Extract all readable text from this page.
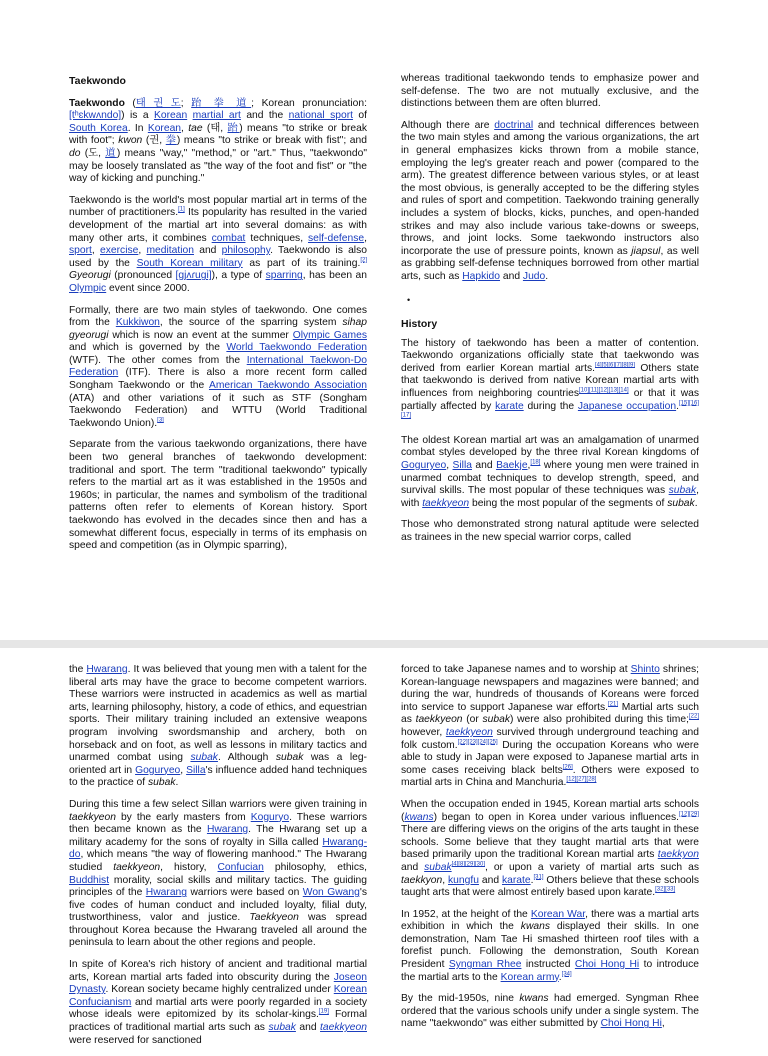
Taekwondo

Taekwondo (태 권 도; 跆 拳 道; Korean pronunciation: [tʰɛkwʌndo]) is a Korean martial art and the national sport of South Korea. In Korean, tae (태, 跆) means "to strike or break with foot"; kwon (권, 拳) means "to strike or break with fist"; and do (도, 道) means "way," "method," or "art." Thus, "taekwondo" may be loosely translated as "the way of the foot and fist" or "the way of kicking and punching."

Taekwondo is the world's most popular martial art in terms of the number of practitioners.[1] Its popularity has resulted in the varied development of the martial art into several domains: as with many other arts, it combines combat techniques, self-defense, sport, exercise, meditation and philosophy. Taekwondo is also used by the South Korean military as part of its training.[2] Gyeorugi (pronounced [ɡjʌɾuɡi]), a type of sparring, has been an Olympic event since 2000.

Formally, there are two main styles of taekwondo. One comes from the Kukkiwon, the source of the sparring system sihap gyeorugi which is now an event at the summer Olympic Games and which is governed by the World Taekwondo Federation (WTF). The other comes from the International Taekwon-Do Federation (ITF). There is also a more recent form called Songham Taekwondo or the American Taekwondo Association (ATA) and other variations of it such as STF (Songham Taekwondo Federation) and WTTU (World Traditional Taekwondo Union).[3]

Separate from the various taekwondo organizations, there have been two general branches of taekwondo development: traditional and sport. The term "traditional taekwondo" typically refers to the martial art as it was established in the 1950s and 1960s; in particular, the names and symbolism of the traditional patterns often refer to elements of Korean history. Sport taekwondo has evolved in the decades since then and has a somewhat different focus, especially in terms of its emphasis on speed and competition (as in Olympic sparring),

whereas traditional taekwondo tends to emphasize power and self-defense. The two are not mutually exclusive, and the distinctions between them are often blurred.

Although there are doctrinal and technical differences between the two main styles and among the various organizations, the art in general emphasizes kicks thrown from a mobile stance, employing the leg's greater reach and power (compared to the arm). The greatest difference between various styles, or at least the most obvious, is generally accepted to be the differing styles and rules of sport and competition. Taekwondo training generally includes a system of blocks, kicks, punches, and open-handed strikes and may also include various take-downs or sweeps, throws, and joint locks. Some taekwondo instructors also incorporate the use of pressure points, known as jiapsul, as well as grabbing self-defense techniques borrowed from other martial arts, such as Hapkido and Judo.

•
History

The history of taekwondo has been a matter of contention. Taekwondo organizations officially state that taekwondo was derived from earlier Korean martial arts.[4][5][6][7][8][9] Others state that taekwondo is derived from native Korean martial arts with influences from neighboring countries[10][11][12][13][14] or that it was partially affected by karate during the Japanese occupation.[15][16][17]

The oldest Korean martial art was an amalgamation of unarmed combat styles developed by the three rival Korean kingdoms of Goguryeo, Silla and Baekje,[18] where young men were trained in unarmed combat techniques to develop strength, speed, and survival skills. The most popular of these techniques was subak, with taekkyeon being the most popular of the segments of subak.

Those who demonstrated strong natural aptitude were selected as trainees in the new special warrior corps, called

the Hwarang. It was believed that young men with a talent for the liberal arts may have the grace to become competent warriors. These warriors were instructed in academics as well as martial arts, learning philosophy, history, a code of ethics, and equestrian sports. Their military training included an extensive weapons program involving swordsmanship and archery, both on horseback and on foot, as well as lessons in military tactics and unarmed combat using subak. Although subak was a leg-oriented art in Goguryeo, Silla's influence added hand techniques to the practice of subak.

During this time a few select Sillan warriors were given training in taekkyeon by the early masters from Koguryo. These warriors then became known as the Hwarang. The Hwarang set up a military academy for the sons of royalty in Silla called Hwarang-do, which means "the way of flowering manhood." The Hwarang studied taekkyeon, history, Confucian philosophy, ethics, Buddhist morality, social skills and military tactics. The guiding principles of the Hwarang warriors were based on Won Gwang's five codes of human conduct and included loyalty, filial duty, trustworthiness, valor and justice. Taekkyeon was spread throughout Korea because the Hwarang traveled all around the peninsula to learn about the other regions and people.

In spite of Korea's rich history of ancient and traditional martial arts, Korean martial arts faded into obscurity during the Joseon Dynasty. Korean society became highly centralized under Korean Confucianism and martial arts were poorly regarded in a society whose ideals were epitomized by its scholar-kings.[19] Formal practices of traditional martial arts such as subak and taekkyeon were reserved for sanctioned

forced to take Japanese names and to worship at Shinto shrines; Korean-language newspapers and magazines were banned; and during the war, hundreds of thousands of Koreans were forced into service to support Japanese war efforts.[21] Martial arts such as taekkyeon (or subak) were also prohibited during this time;[22] however, taekkyeon survived through underground teaching and folk custom.[22][23][24][25] During the occupation Koreans who were able to study in Japan were exposed to Japanese martial arts in some cases receiving black belts[26]. Others were exposed to martial arts in China and Manchuria.[12][27][28]

When the occupation ended in 1945, Korean martial arts schools (kwans) began to open in Korea under various influences.[12][29] There are differing views on the origins of the arts taught in these schools. Some believe that they taught martial arts that were based primarily upon the traditional Korean martial arts taekkyon and subak[4][8][29][30], or upon a variety of martial arts such as taekkyon, kungfu and karate.[31] Others believe that these schools taught arts that were almost entirely based upon karate.[32][33]

In 1952, at the height of the Korean War, there was a martial arts exhibition in which the kwans displayed their skills. In one demonstration, Nam Tae Hi smashed thirteen roof tiles with a forefist punch. Following the demonstration, South Korean President Syngman Rhee instructed Choi Hong Hi to introduce the martial arts to the Korean army.[34]

By the mid-1950s, nine kwans had emerged. Syngman Rhee ordered that the various schools unify under a single system. The name "taekwondo" was either submitted by Choi Hong Hi,
